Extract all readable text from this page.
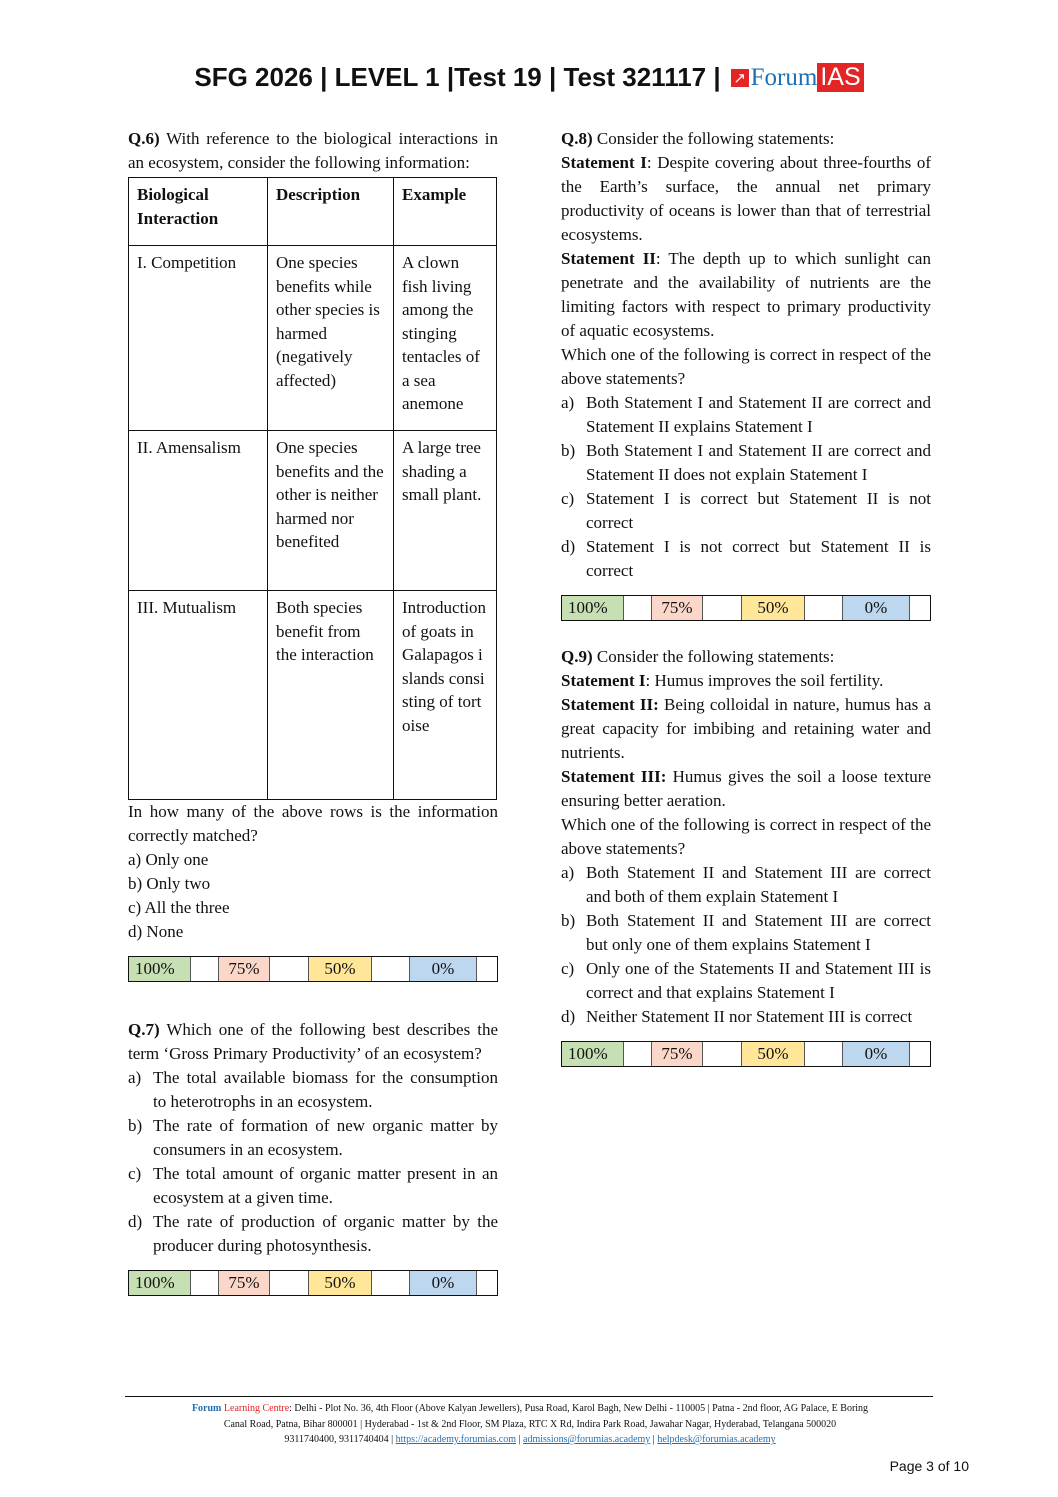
SFG 2026 | LEVEL 1 |Test 19 | Test 321117 | ↗ Forum IAS

Q.6) With reference to the biological interactions in an ecosystem, consider the following information:

Biological Interaction	Description	Example
I. Competition	One species benefits while other species is harmed (negatively affected)	A clown fish living among the stinging tentacles of a sea anemone
II. Amensalism	One species benefits and the other is neither harmed nor benefited	A large tree shading a small plant.
III. Mutualism	Both species benefit from the interaction	Introduction of goats in Galapagos islands consisting of tortoise

In how many of the above rows is the information correctly matched?

a) Only one
b) Only two
c) All the three
d) None
100%	75%	50%	0%

Q.7) Which one of the following best describes the term ‘Gross Primary Productivity’ of an ecosystem?

a) The total available biomass for the consumption to heterotrophs in an ecosystem.
b) The rate of formation of new organic matter by consumers in an ecosystem.
c) The total amount of organic matter present in an ecosystem at a given time.
d) The rate of production of organic matter by the producer during photosynthesis.
100%	75%	50%	0%

Q.8) Consider the following statements:

Statement I: Despite covering about three-fourths of the Earth’s surface, the annual net primary productivity of oceans is lower than that of terrestrial ecosystems.

Statement II: The depth up to which sunlight can penetrate and the availability of nutrients are the limiting factors with respect to primary productivity of aquatic ecosystems.

Which one of the following is correct in respect of the above statements?

a) Both Statement I and Statement II are correct and Statement II explains Statement I
b) Both Statement I and Statement II are correct and Statement II does not explain Statement I
c) Statement I is correct but Statement II is not correct
d) Statement I is not correct but Statement II is correct
100%	75%	50%	0%

Q.9) Consider the following statements:

Statement I: Humus improves the soil fertility.

Statement II: Being colloidal in nature, humus has a great capacity for imbibing and retaining water and nutrients.

Statement III: Humus gives the soil a loose texture ensuring better aeration.

Which one of the following is correct in respect of the above statements?

a) Both Statement II and Statement III are correct and both of them explain Statement I
b) Both Statement II and Statement III are correct but only one of them explains Statement I
c) Only one of the Statements II and Statement III is correct and that explains Statement I
d) Neither Statement II nor Statement III is correct
100%	75%	50%	0%
Forum Learning Centre: Delhi - Plot No. 36, 4th Floor (Above Kalyan Jewellers), Pusa Road, Karol Bagh, New Delhi - 110005 | Patna - 2nd floor, AG Palace, E Boring
Canal Road, Patna, Bihar 800001 | Hyderabad - 1st & 2nd Floor, SM Plaza, RTC X Rd, Indira Park Road, Jawahar Nagar, Hyderabad, Telangana 500020
9311740400, 9311740404 | https://academy.forumias.com | admissions@forumias.academy | helpdesk@forumias.academy
Page 3 of 10
